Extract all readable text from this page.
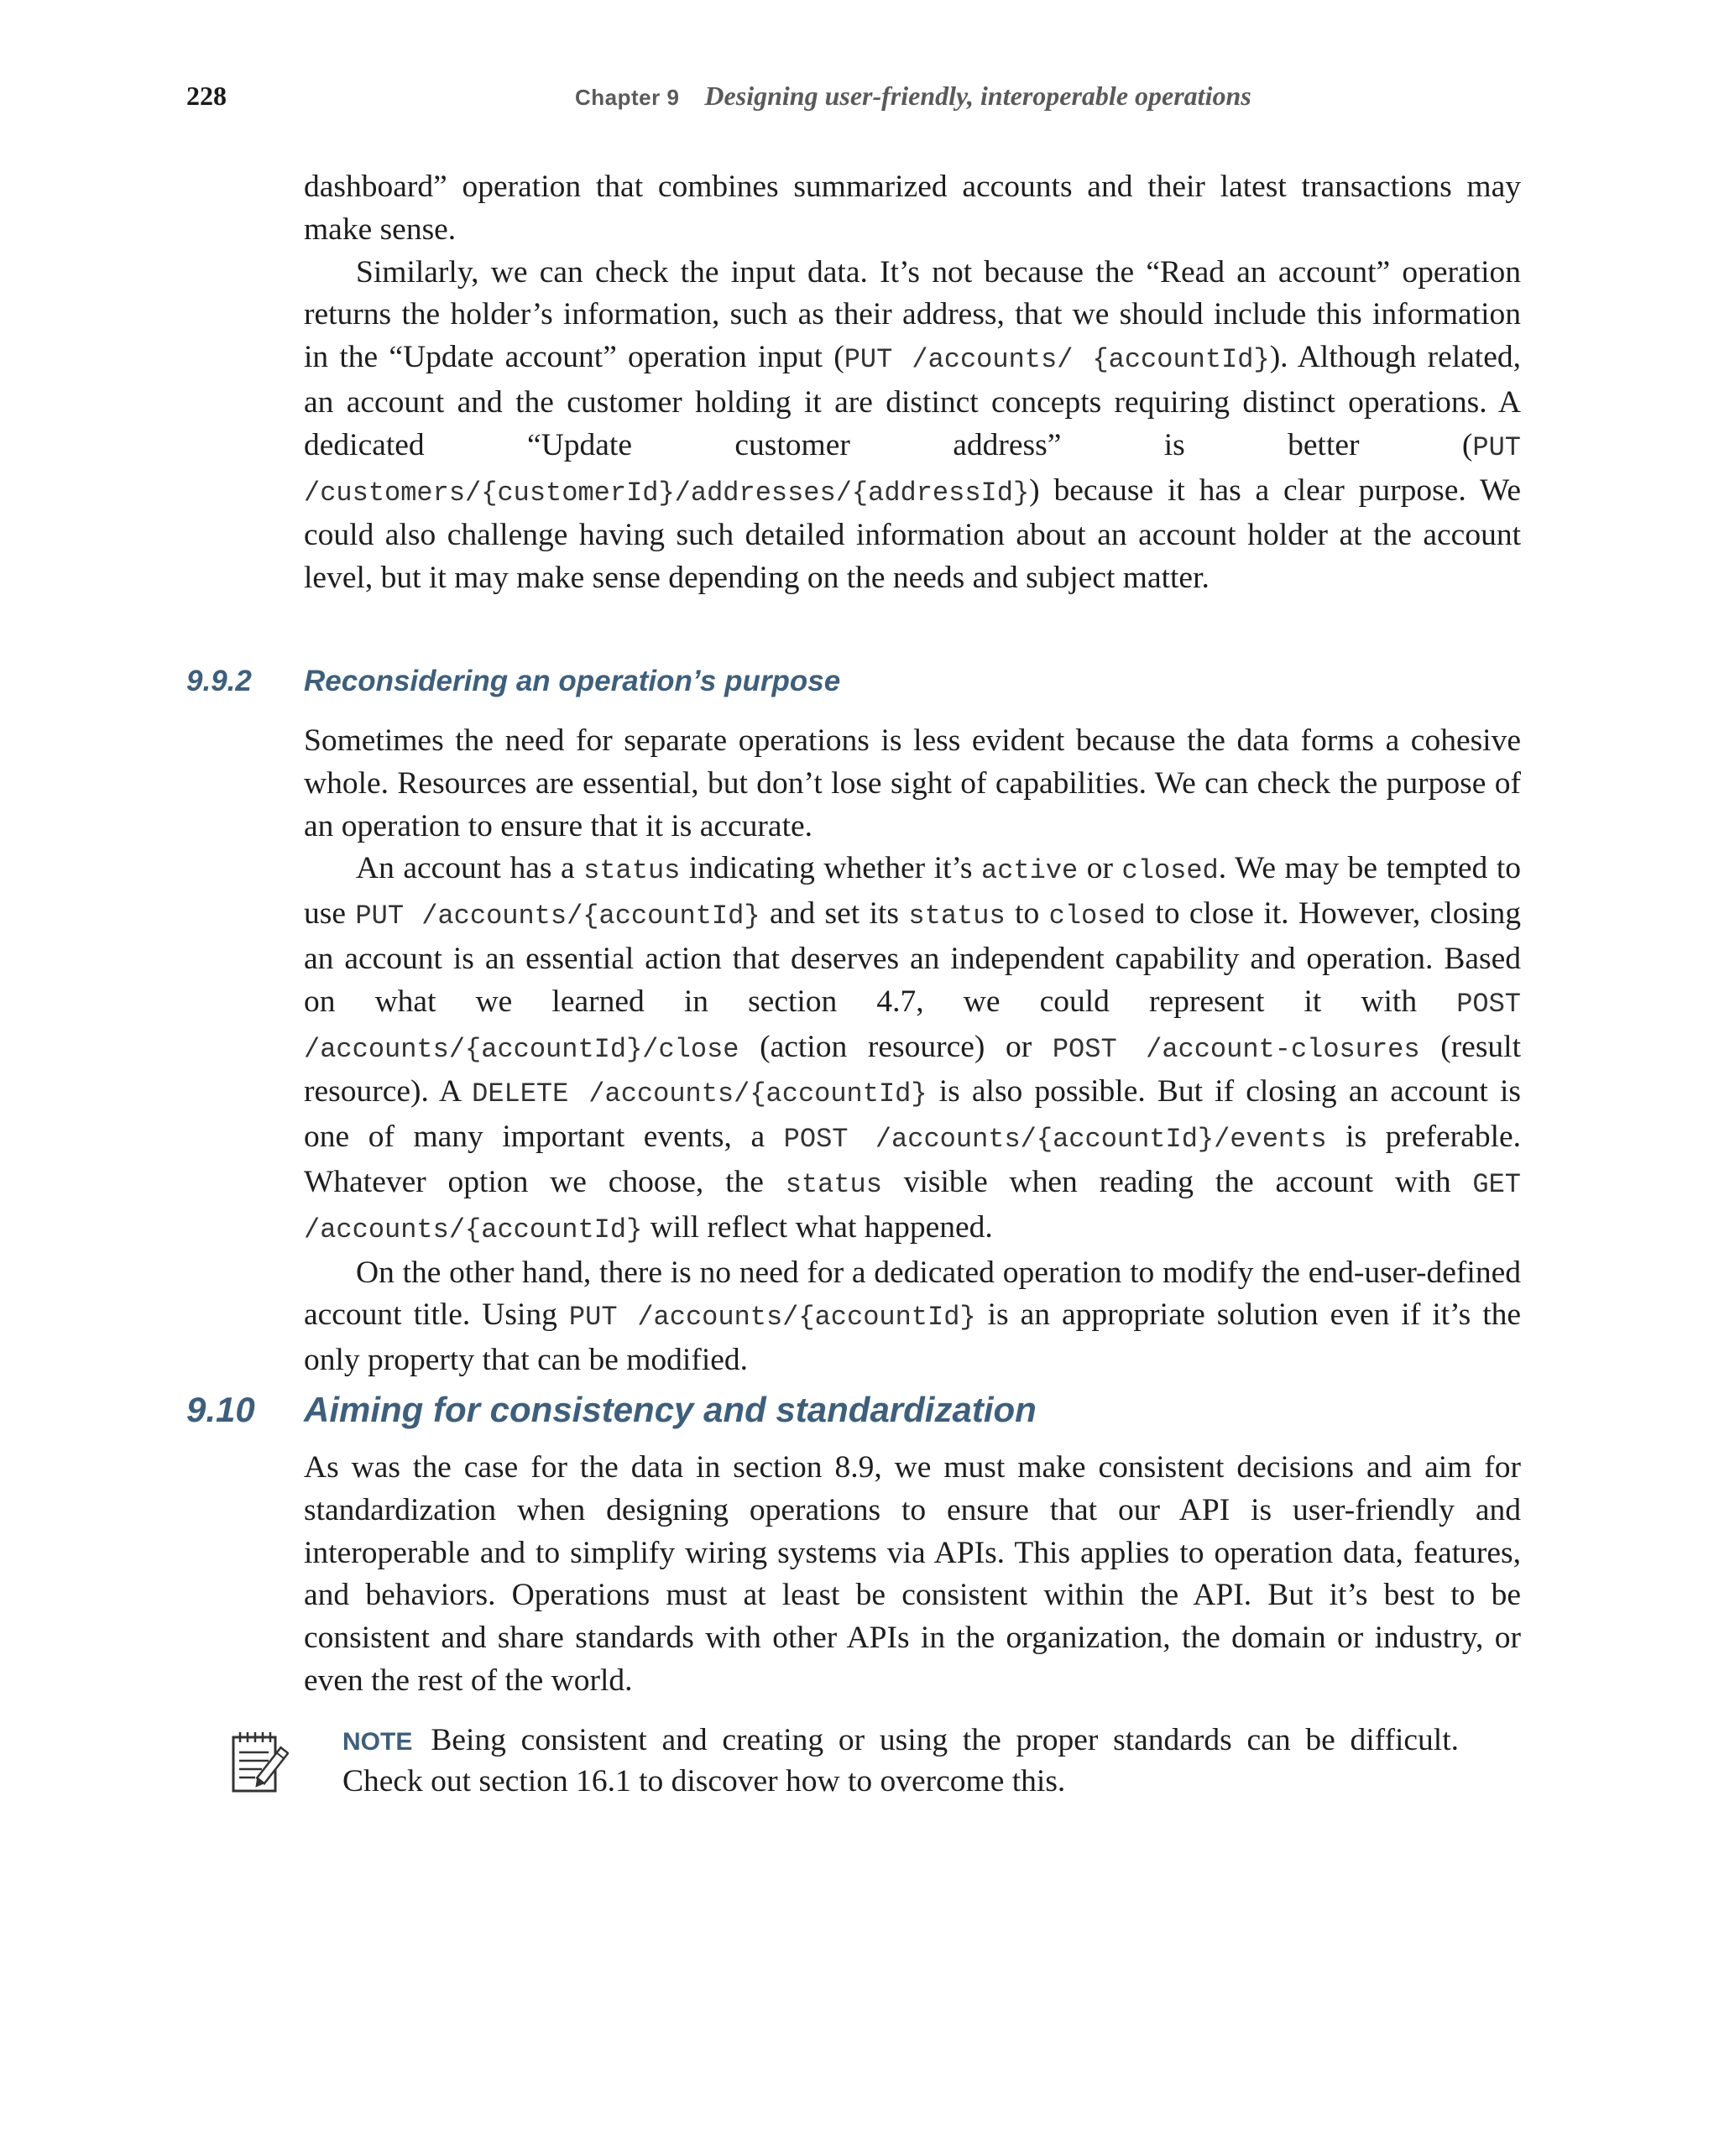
228	Chapter 9 Designing user-friendly, interoperable operations

dashboard” operation that combines summarized accounts and their latest transactions may make sense.

Similarly, we can check the input data. It’s not because the “Read an account” operation returns the holder’s information, such as their address, that we should include this information in the “Update account” operation input (PUT /accounts/ {accountId}). Although related, an account and the customer holding it are distinct concepts requiring distinct operations. A dedicated “Update customer address” is better (PUT /customers/{customerId}/addresses/{addressId}) because it has a clear purpose. We could also challenge having such detailed information about an account holder at the account level, but it may make sense depending on the needs and subject matter.

9.9.2 Reconsidering an operation’s purpose

Sometimes the need for separate operations is less evident because the data forms a cohesive whole. Resources are essential, but don’t lose sight of capabilities. We can check the purpose of an operation to ensure that it is accurate.

An account has a status indicating whether it’s active or closed. We may be tempted to use PUT /accounts/{accountId} and set its status to closed to close it. However, closing an account is an essential action that deserves an independent capability and operation. Based on what we learned in section 4.7, we could represent it with POST /accounts/{accountId}/close (action resource) or POST /account-closures (result resource). A DELETE /accounts/{accountId} is also possible. But if closing an account is one of many important events, a POST /accounts/{accountId}/events is preferable. Whatever option we choose, the status visible when reading the account with GET /accounts/{accountId} will reflect what happened.

On the other hand, there is no need for a dedicated operation to modify the end-user-defined account title. Using PUT /accounts/{accountId} is an appropriate solution even if it’s the only property that can be modified.

9.10 Aiming for consistency and standardization

As was the case for the data in section 8.9, we must make consistent decisions and aim for standardization when designing operations to ensure that our API is user-friendly and interoperable and to simplify wiring systems via APIs. This applies to operation data, features, and behaviors. Operations must at least be consistent within the API. But it’s best to be consistent and share standards with other APIs in the organization, the domain or industry, or even the rest of the world.

NOTE Being consistent and creating or using the proper standards can be difficult. Check out section 16.1 to discover how to overcome this.
